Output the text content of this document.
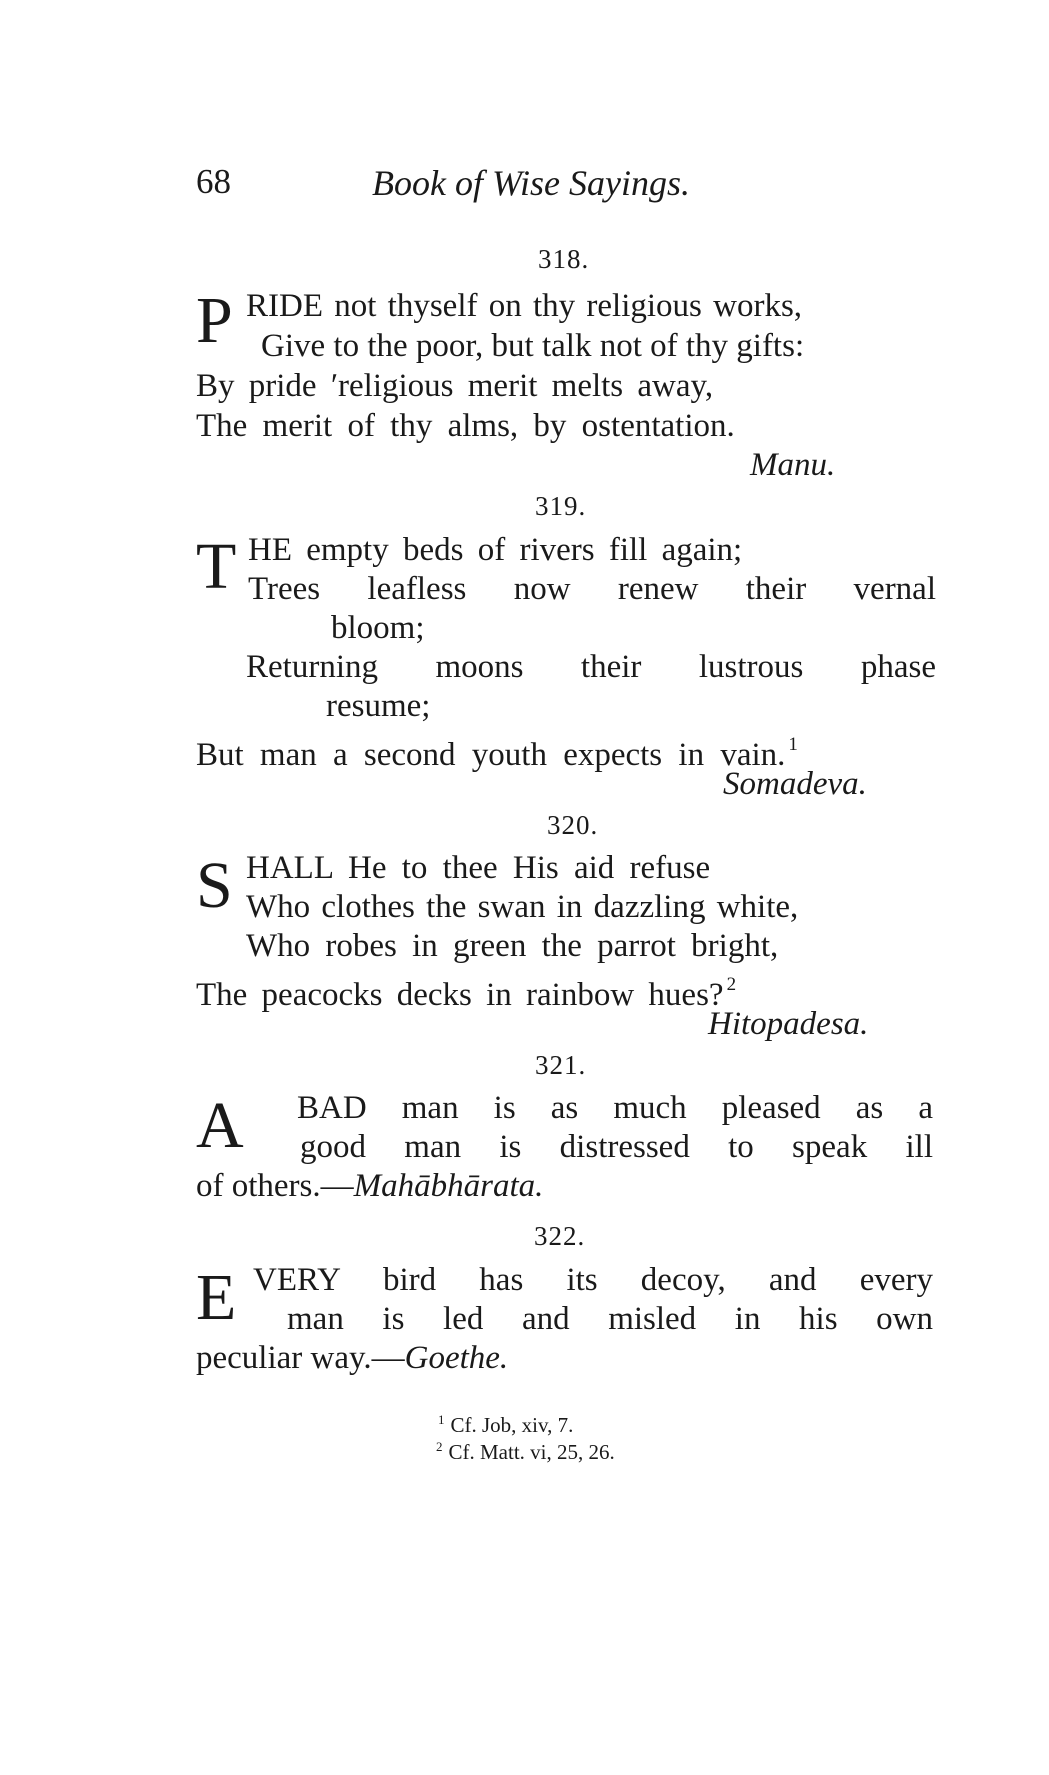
68	Book of Wise Sayings.
318.
P RIDE not thyself on thy religious works,
Give to the poor, but talk not of thy gifts:
By pride ʹreligious merit melts away,
The merit of thy alms, by ostentation.
Manu.
319.
T HE empty beds of rivers fill again;
Trees leafless now renew their vernal
bloom;
Returning moons their lustrous phase
resume;
But man a second youth expects in vain. $^1$
Somadeva.
320.
S HALL He to thee His aid refuse
Who clothes the swan in dazzling white,
Who robes in green the parrot bright,
The peacocks decks in rainbow hues? $^2$
Hitopadesa.
321.
A BAD man is as much pleased as a
good man is distressed to speak ill
of others.—Mahābhārata.
322.
E VERY bird has its decoy, and every
man is led and misled in his own
peculiar way.—Goethe.
$^1$ Cf. Job, xiv, 7.
$^2$ Cf. Matt. vi, 25, 26.
